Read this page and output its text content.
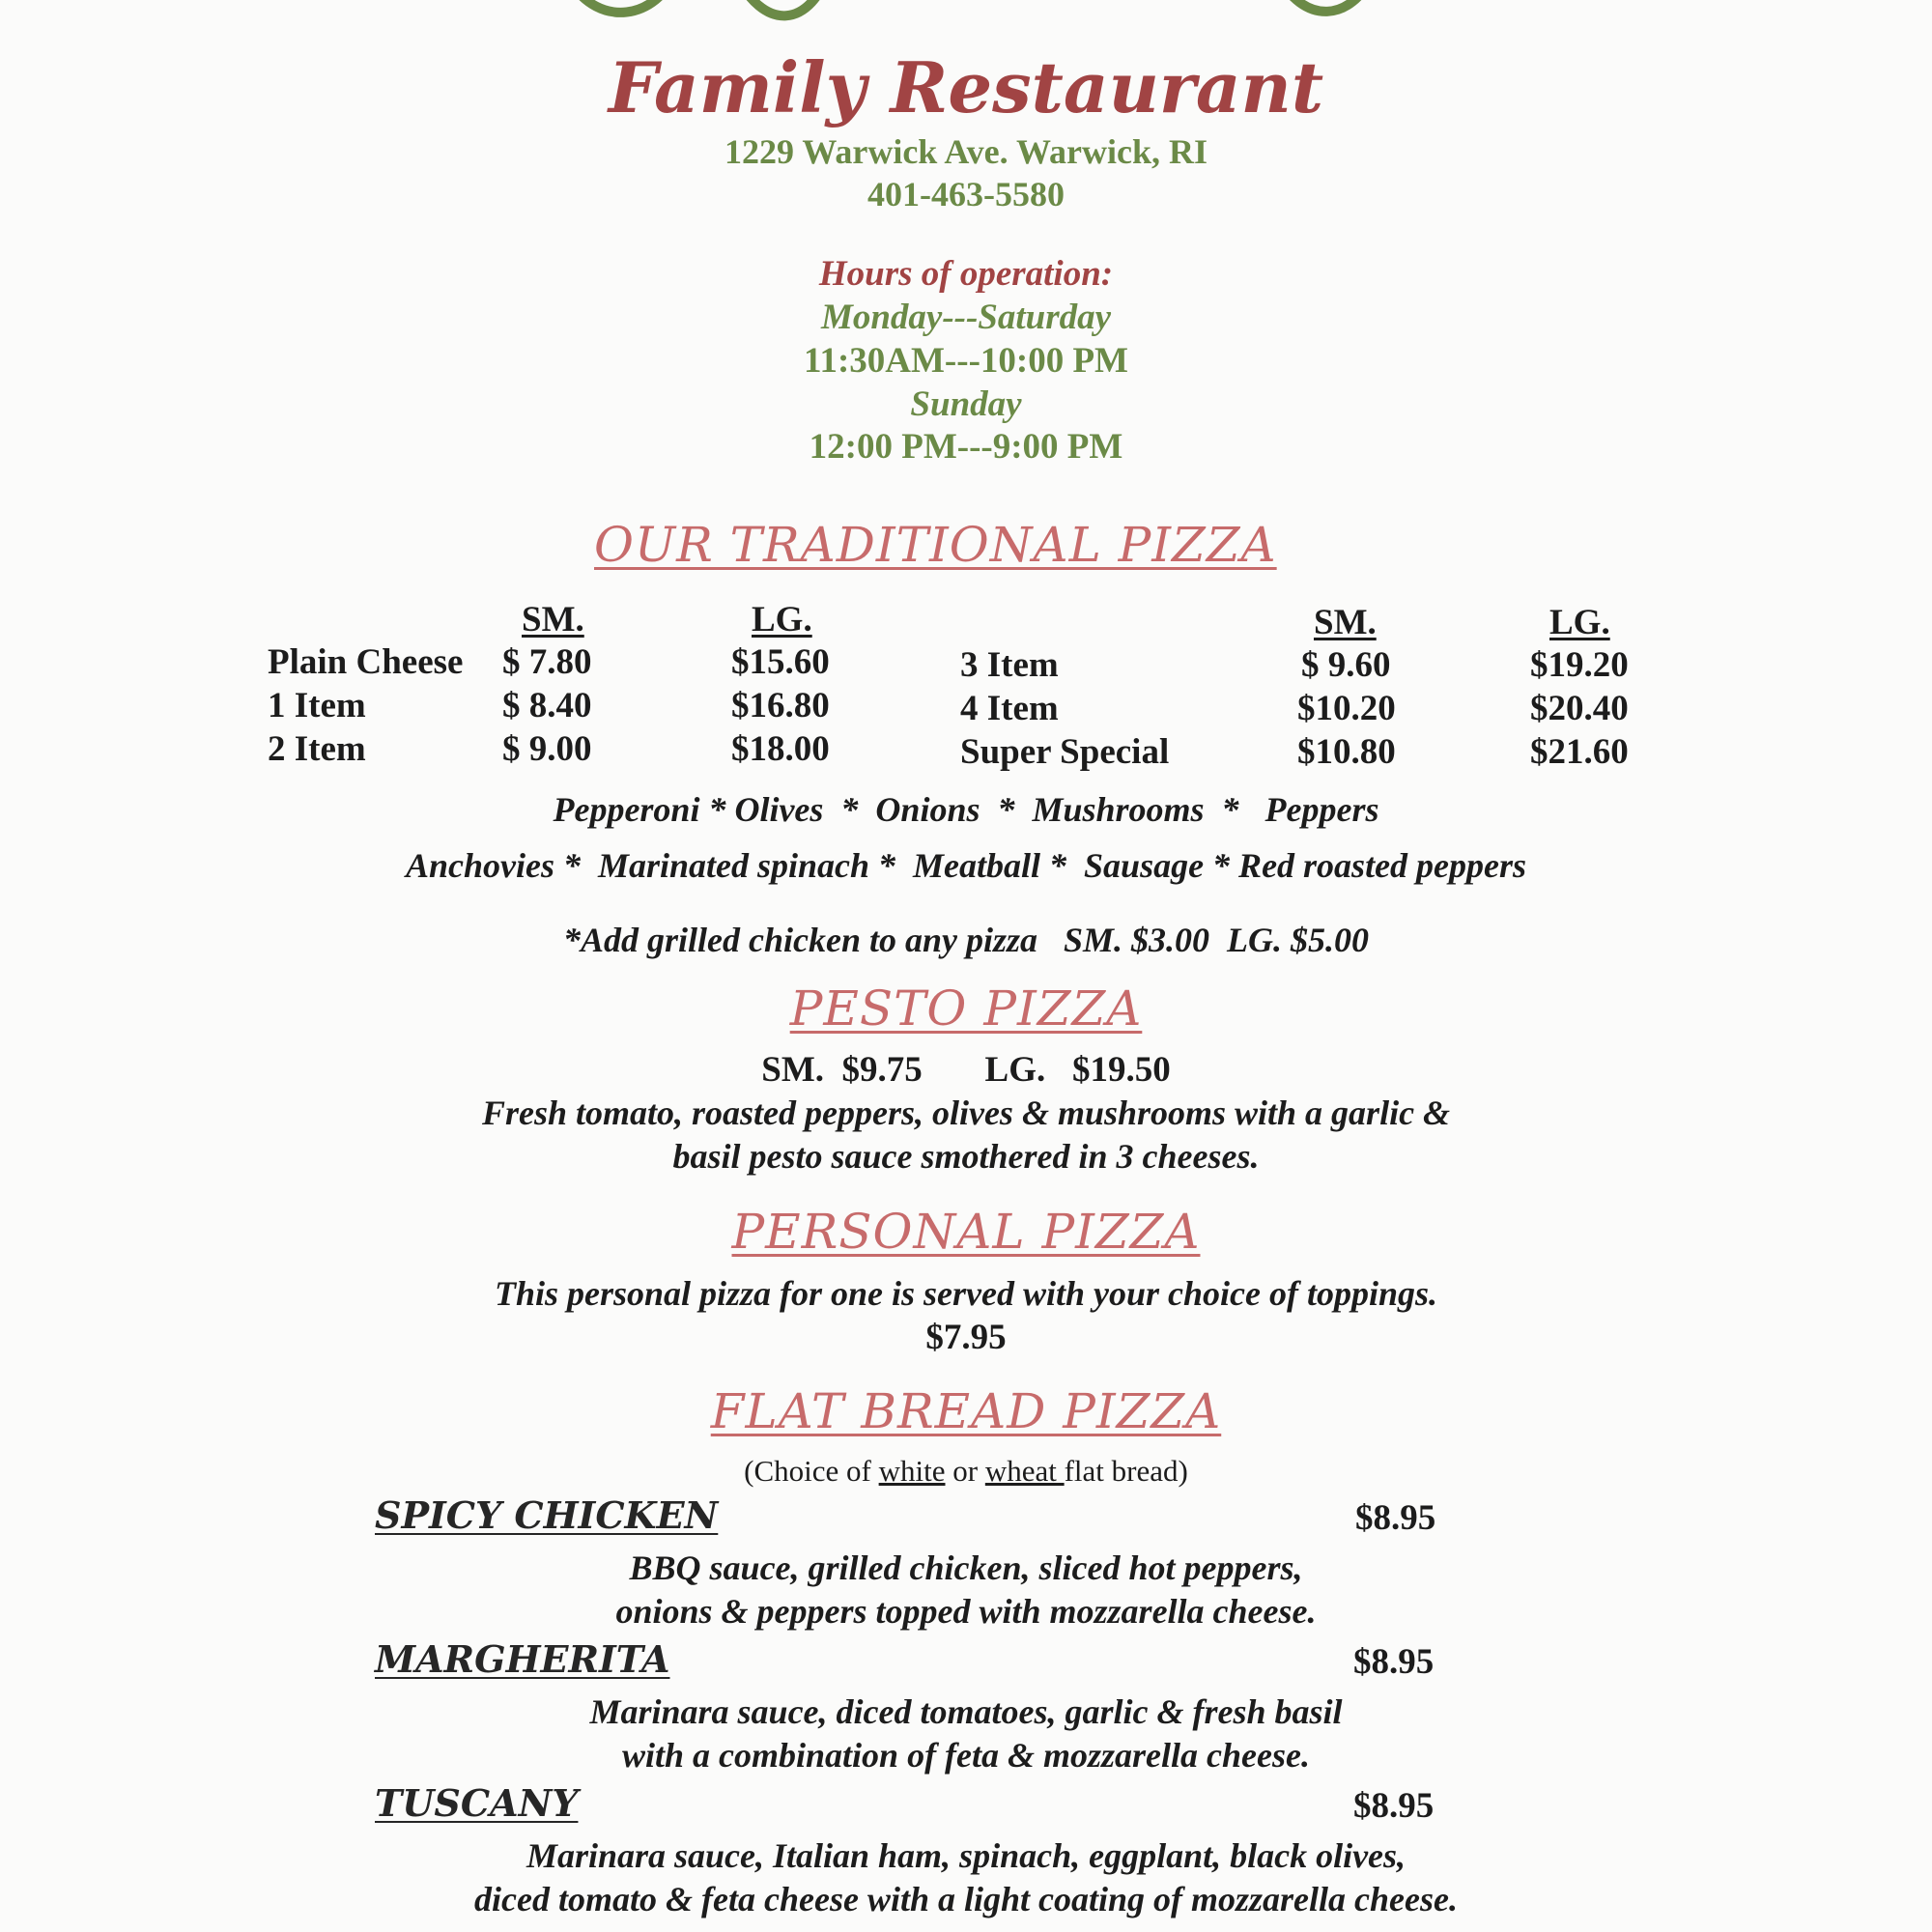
Family Restaurant
1229 Warwick Ave. Warwick, RI
401-463-5580
Hours of operation:
Monday---Saturday
11:30AM---10:00 PM
Sunday
12:00 PM---9:00 PM
OUR TRADITIONAL PIZZA
SM.	LG.
Plain Cheese $ 7.80	$15.60
1 Item	$ 8.40	$16.80
2 Item	$ 9.00	$18.00
SM.	LG.
3 Item	$ 9.60	$19.20
4 Item	$10.20	$20.40
Super Special	$10.80	$21.60
Pepperoni * Olives  *  Onions  *  Mushrooms  *   Peppers
Anchovies *  Marinated spinach *  Meatball *  Sausage * Red roasted peppers
*Add grilled chicken to any pizza   SM. $3.00  LG. $5.00
PESTO PIZZA
SM.  $9.75       LG.   $19.50
Fresh tomato, roasted peppers, olives & mushrooms with a garlic &
basil pesto sauce smothered in 3 cheeses.
PERSONAL PIZZA
This personal pizza for one is served with your choice of toppings.
$7.95
FLAT BREAD PIZZA
(Choice of white or wheat flat bread)
SPICY CHICKEN	$8.95
BBQ sauce, grilled chicken, sliced hot peppers,
onions & peppers topped with mozzarella cheese.
MARGHERITA	$8.95
Marinara sauce, diced tomatoes, garlic & fresh basil
with a combination of feta & mozzarella cheese.
TUSCANY	$8.95
Marinara sauce, Italian ham, spinach, eggplant, black olives,
diced tomato & feta cheese with a light coating of mozzarella cheese.
